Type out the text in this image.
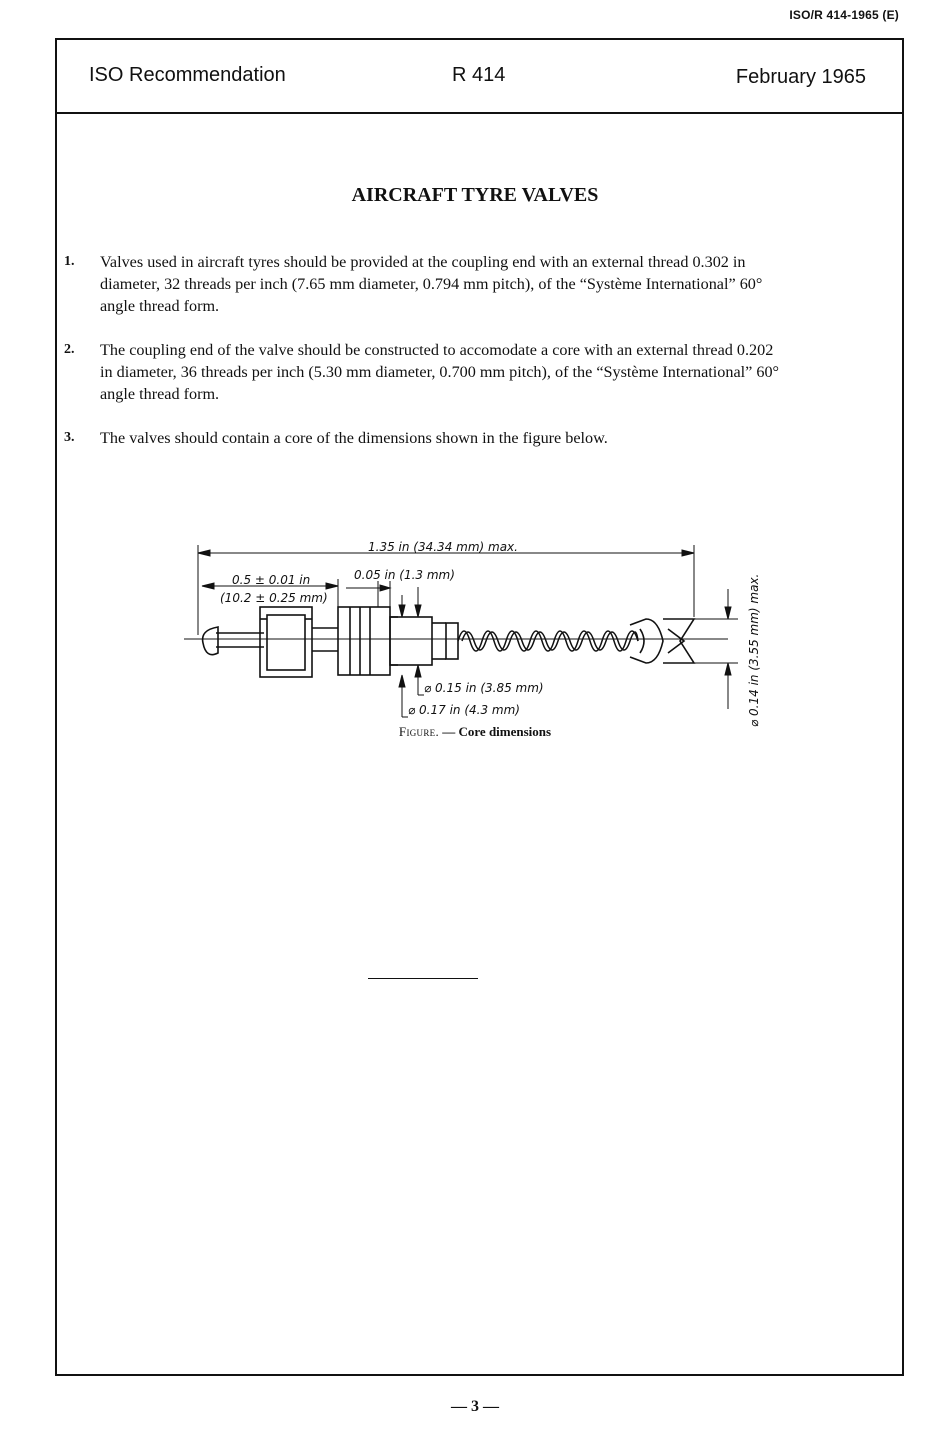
ISO/R 414-1965 (E)
ISO Recommendation	R 414	February 1965
AIRCRAFT TYRE VALVES
1.	Valves used in aircraft tyres should be provided at the coupling end with an external thread 0.302 in diameter, 32 threads per inch (7.65 mm diameter, 0.794 mm pitch), of the “Système International” 60° angle thread form.
2.	The coupling end of the valve should be constructed to accomodate a core with an external thread 0.202 in diameter, 36 threads per inch (5.30 mm diameter, 0.700 mm pitch), of the “Système International” 60° angle thread form.
3.	The valves should contain a core of the dimensions shown in the figure below.
1.35 in (34.34 mm) max.
0.5 ± 0.01 in
(10.2 ± 0.25 mm)
0.05 in (1.3 mm)
⌀ 0.15 in (3.85 mm)
⌀ 0.17 in (4.3 mm)	⌀ 0.14 in (3.55 mm) max.
Figure. — Core dimensions
— 3 —
